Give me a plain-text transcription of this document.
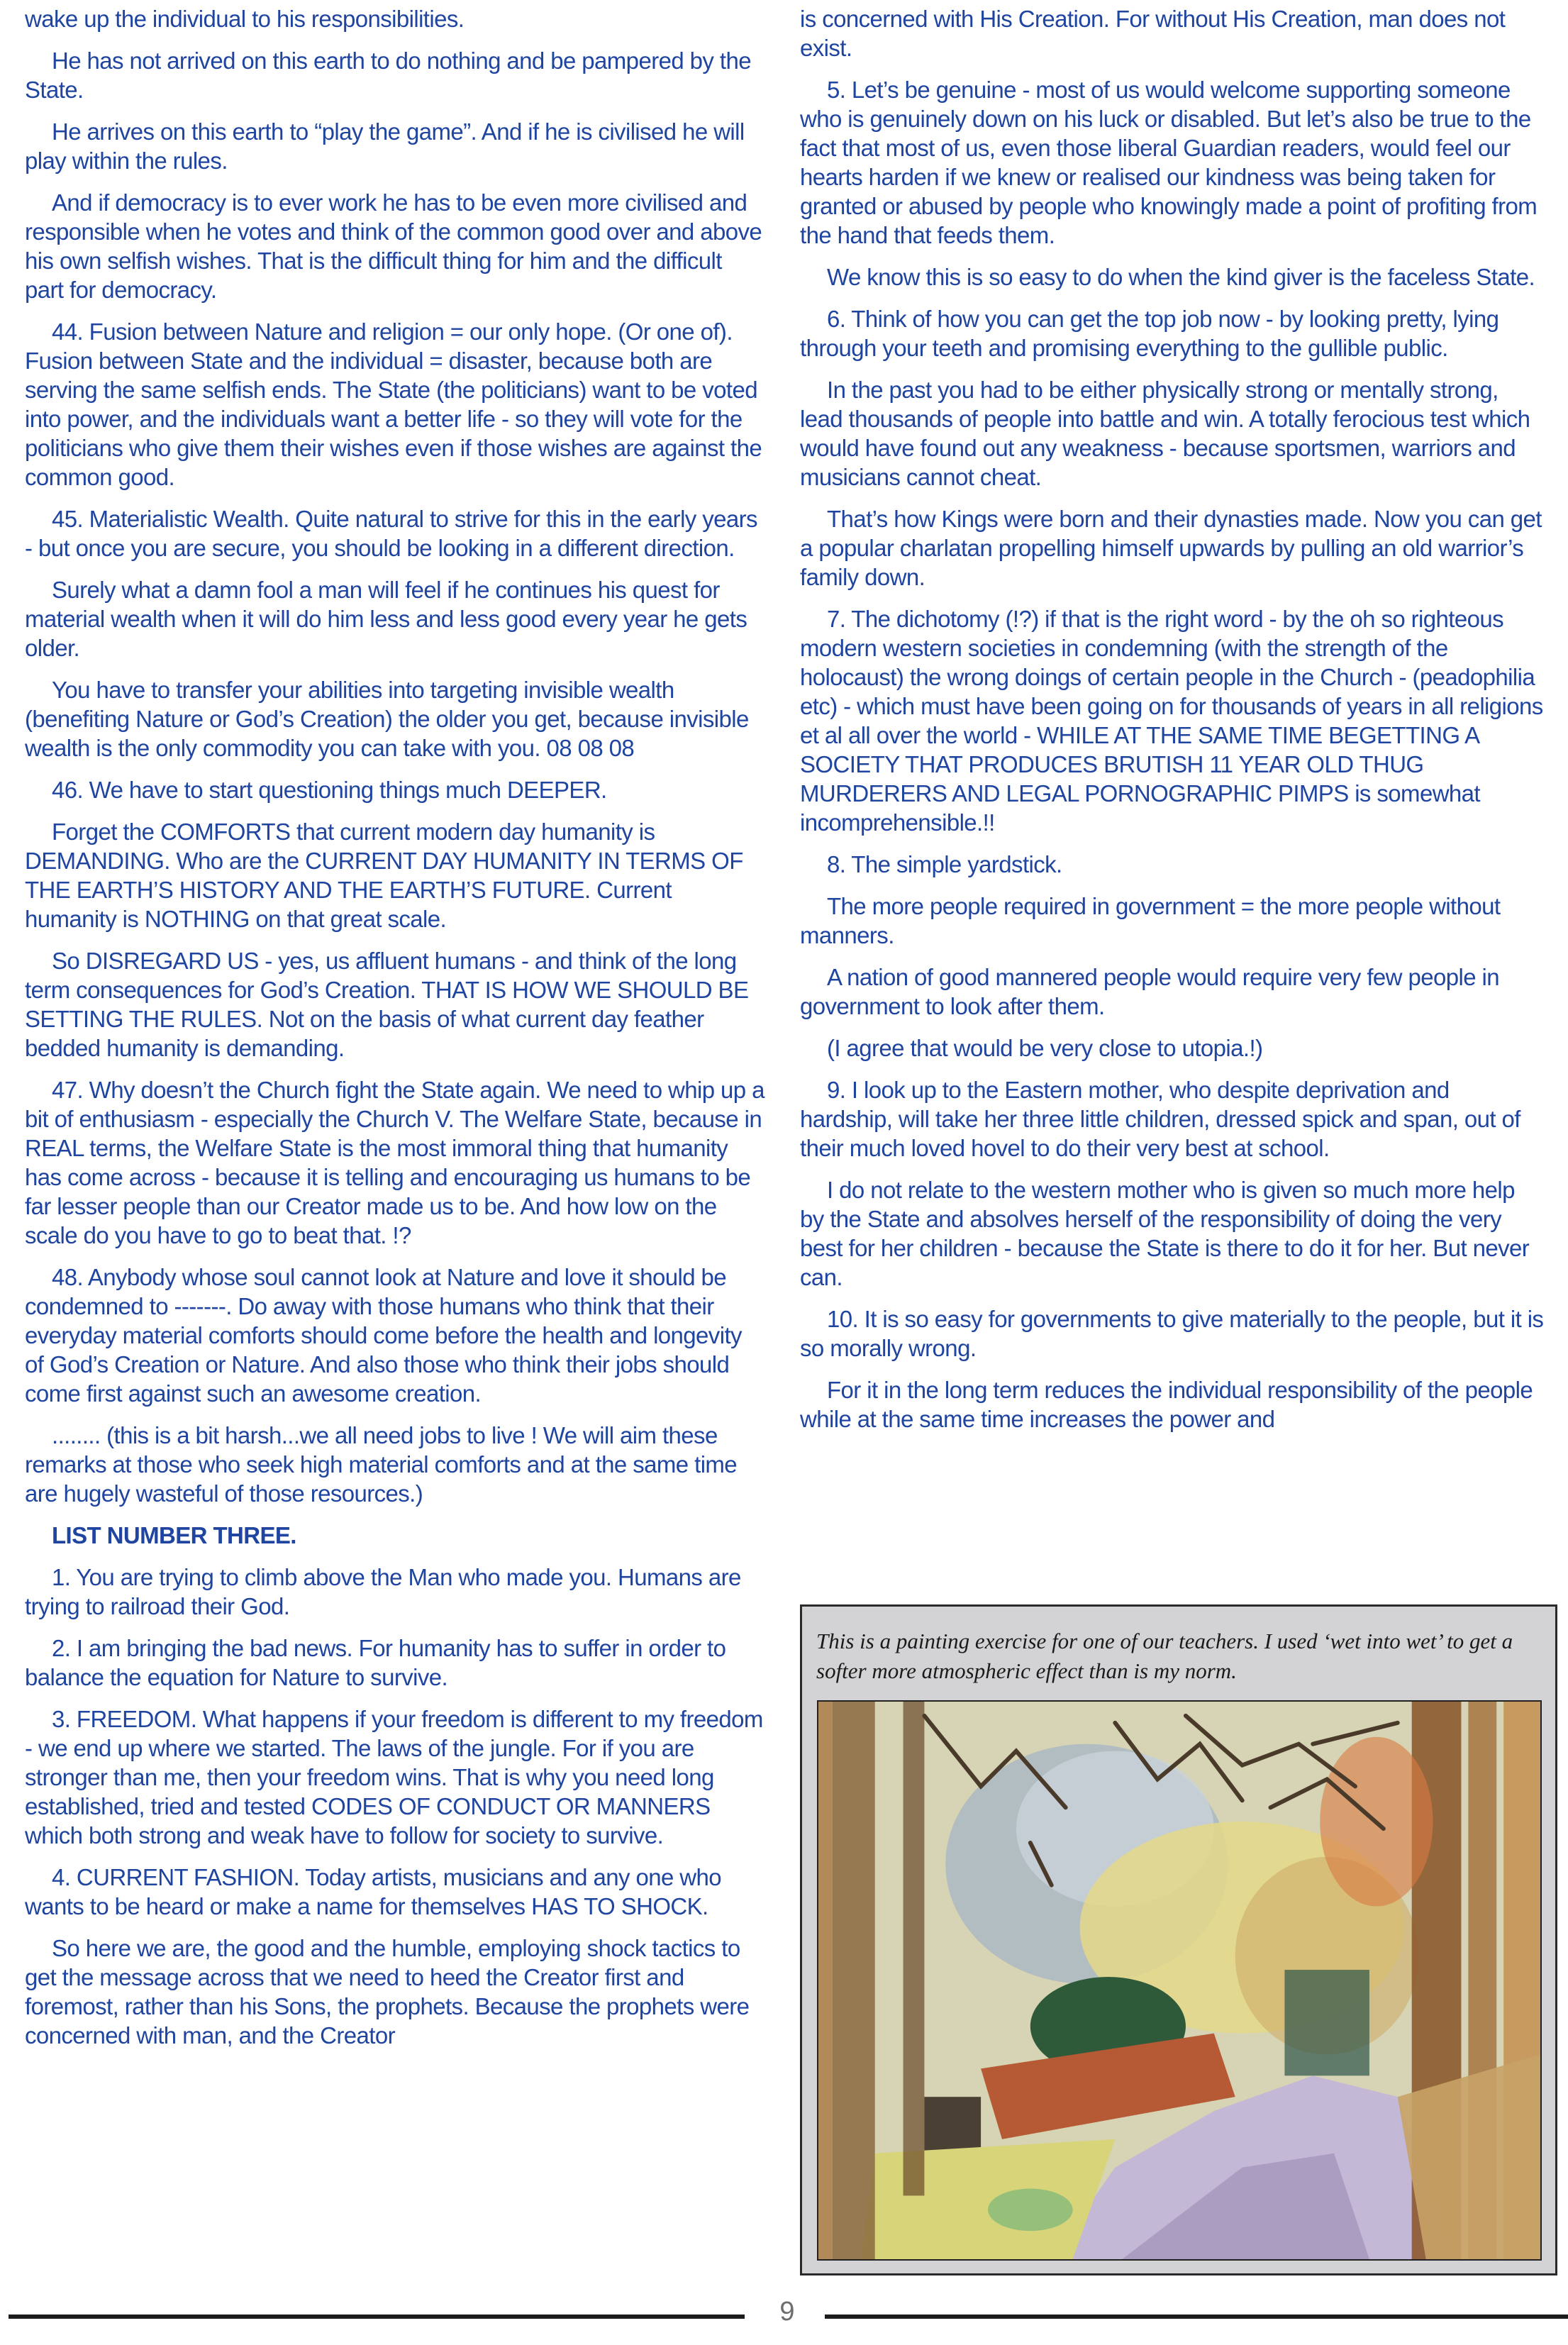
wake up the individual to his responsibilities.

He has not arrived on this earth to do nothing and be pampered by the State.

He arrives on this earth to “play the game”. And if he is civilised he will play within the rules.

And if democracy is to ever work he has to be even more civilised and responsible when he votes and think of the common good over and above his own selfish wishes. That is the difficult thing for him and the difficult part for democracy.

44. Fusion between Nature and religion = our only hope. (Or one of). Fusion between State and the individual = disaster, because both are serving the same selfish ends. The State (the politicians) want to be voted into power, and the individuals want a better life - so they will vote for the politicians who give them their wishes even if those wishes are against the common good.

45. Materialistic Wealth. Quite natural to strive for this in the early years - but once you are secure, you should be looking in a different direction.

Surely what a damn fool a man will feel if he continues his quest for material wealth when it will do him less and less good every year he gets older.

You have to transfer your abilities into targeting invisible wealth (benefiting Nature or God’s Creation) the older you get, because invisible wealth is the only commodity you can take with you. 08 08 08

46. We have to start questioning things much DEEPER.

Forget the COMFORTS that current modern day humanity is DEMANDING. Who are the CURRENT DAY HUMANITY IN TERMS OF THE EARTH’S HISTORY AND THE EARTH’S FUTURE. Current humanity is NOTHING on that great scale.

So DISREGARD US - yes, us affluent humans - and think of the long term consequences for God’s Creation. THAT IS HOW WE SHOULD BE SETTING THE RULES. Not on the basis of what current day feather bedded humanity is demanding.

47. Why doesn’t the Church fight the State again. We need to whip up a bit of enthusiasm - especially the Church V. The Welfare State, because in REAL terms, the Welfare State is the most immoral thing that humanity has come across - because it is telling and encouraging us humans to be far lesser people than our Creator made us to be. And how low on the scale do you have to go to beat that. !?

48. Anybody whose soul cannot look at Nature and love it should be condemned to -------. Do away with those humans who think that their everyday material comforts should come before the health and longevity of God’s Creation or Nature. And also those who think their jobs should come first against such an awesome creation.

........ (this is a bit harsh...we all need jobs to live ! We will aim these remarks at those who seek high material comforts and at the same time are hugely wasteful of those resources.)

LIST NUMBER THREE.

1. You are trying to climb above the Man who made you. Humans are trying to railroad their God.

2. I am bringing the bad news. For humanity has to suffer in order to balance the equation for Nature to survive.

3. FREEDOM. What happens if your freedom is different to my freedom - we end up where we started. The laws of the jungle. For if you are stronger than me, then your freedom wins. That is why you need long established, tried and tested CODES OF CONDUCT OR MANNERS which both strong and weak have to follow for society to survive.

4. CURRENT FASHION. Today artists, musicians and any one who wants to be heard or make a name for themselves HAS TO SHOCK.

So here we are, the good and the humble, employing shock tactics to get the message across that we need to heed the Creator first and foremost, rather than his Sons, the prophets. Because the prophets were concerned with man, and the Creator

is concerned with His Creation. For without His Creation, man does not exist.

5. Let’s be genuine - most of us would welcome supporting someone who is genuinely down on his luck or disabled. But let’s also be true to the fact that most of us, even those liberal Guardian readers, would feel our hearts harden if we knew or realised our kindness was being taken for granted or abused by people who knowingly made a point of profiting from the hand that feeds them.

We know this is so easy to do when the kind giver is the faceless State.

6. Think of how you can get the top job now - by looking pretty, lying through your teeth and promising everything to the gullible public.

In the past you had to be either physically strong or mentally strong, lead thousands of people into battle and win. A totally ferocious test which would have found out any weakness - because sportsmen, warriors and musicians cannot cheat.

That’s how Kings were born and their dynasties made. Now you can get a popular charlatan propelling himself upwards by pulling an old warrior’s family down.

7. The dichotomy (!?) if that is the right word - by the oh so righteous modern western societies in condemning (with the strength of the holocaust) the wrong doings of certain people in the Church - (peadophilia etc) - which must have been going on for thousands of years in all religions et al all over the world - WHILE AT THE SAME TIME BEGETTING A SOCIETY THAT PRODUCES BRUTISH 11 YEAR OLD THUG MURDERERS AND LEGAL PORNOGRAPHIC PIMPS is somewhat incomprehensible.!!

8. The simple yardstick.

The more people required in government = the more people without manners.

A nation of good mannered people would require very few people in government to look after them.

(I agree that would be very close to utopia.!)

9. I look up to the Eastern mother, who despite deprivation and hardship, will take her three little children, dressed spick and span, out of their much loved hovel to do their very best at school.

I do not relate to the western mother who is given so much more help by the State and absolves herself of the responsibility of doing the very best for her children - because the State is there to do it for her. But never can.

10. It is so easy for governments to give materially to the people, but it is so morally wrong.

For it in the long term reduces the individual responsibility of the people while at the same time increases the power and

This is a painting exercise for one of our teachers. I used ‘wet into wet’ to get a softer more atmospheric effect than is my norm.
9
